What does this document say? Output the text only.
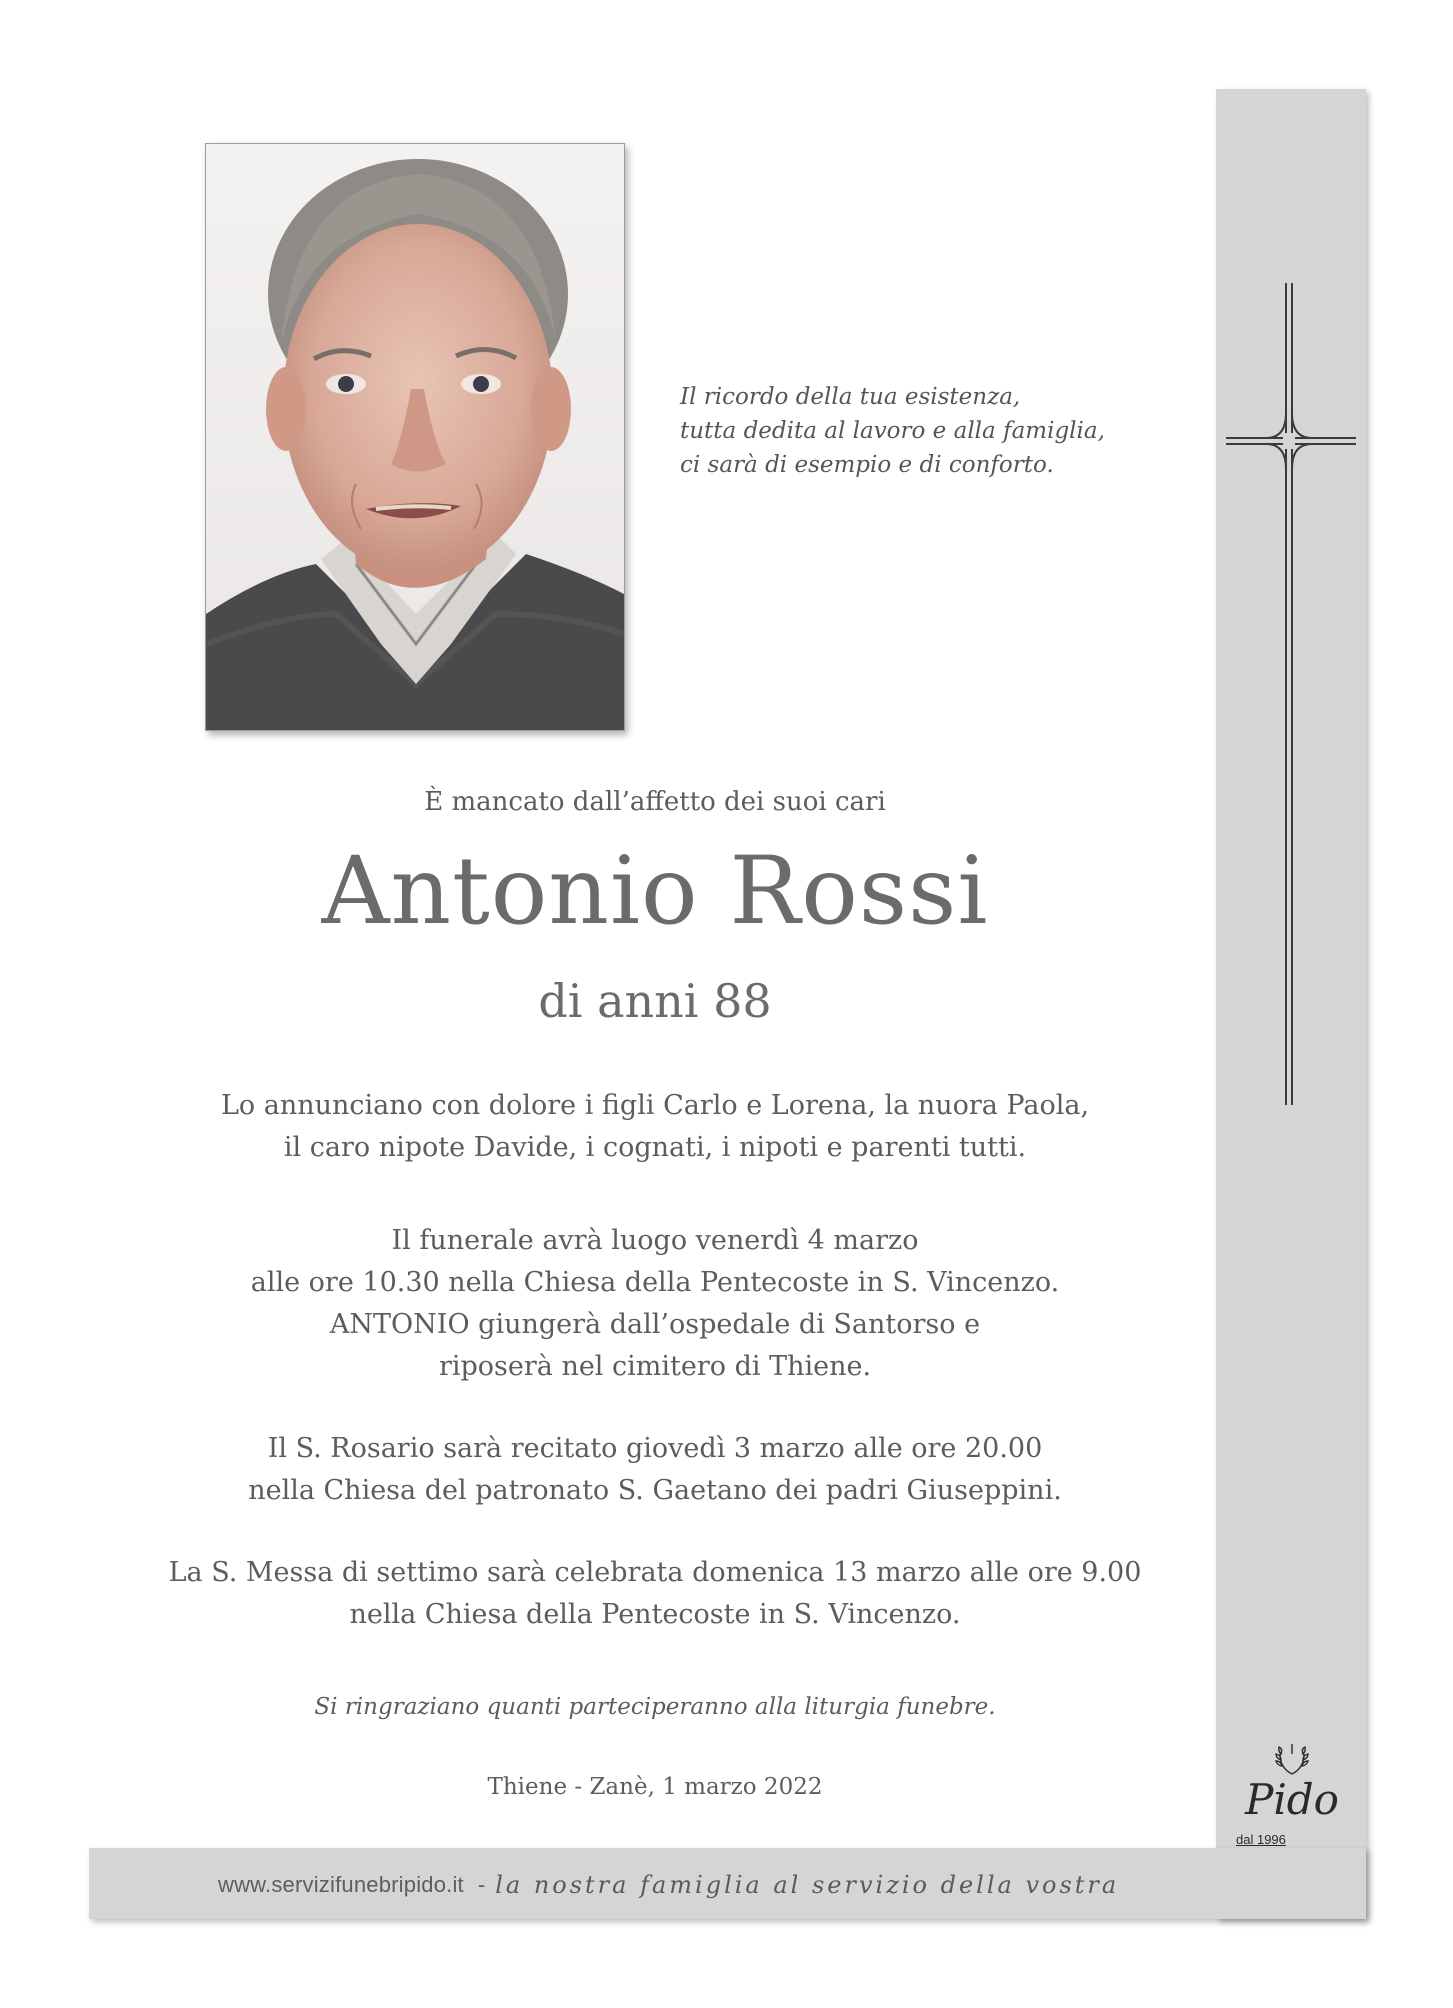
www.servizifunebripido.it - la nostra famiglia al servizio della vostra
Il ricordo della tua esistenza,
tutta dedita al lavoro e alla famiglia,
ci sarà di esempio e di conforto.
È mancato dall’affetto dei suoi cari
Antonio Rossi
di anni 88
Lo annunciano con dolore i figli Carlo e Lorena, la nuora Paola,
il caro nipote Davide, i cognati, i nipoti e parenti tutti.
Il funerale avrà luogo venerdì 4 marzo
alle ore 10.30 nella Chiesa della Pentecoste in S. Vincenzo.
ANTONIO giungerà dall’ospedale di Santorso e
riposerà nel cimitero di Thiene.
Il S. Rosario sarà recitato giovedì 3 marzo alle ore 20.00
nella Chiesa del patronato S. Gaetano dei padri Giuseppini.
La S. Messa di settimo sarà celebrata domenica 13 marzo alle ore 9.00
nella Chiesa della Pentecoste in S. Vincenzo.
Si ringraziano quanti parteciperanno alla liturgia funebre.
Thiene - Zanè, 1 marzo 2022	Pido
dal 1996
